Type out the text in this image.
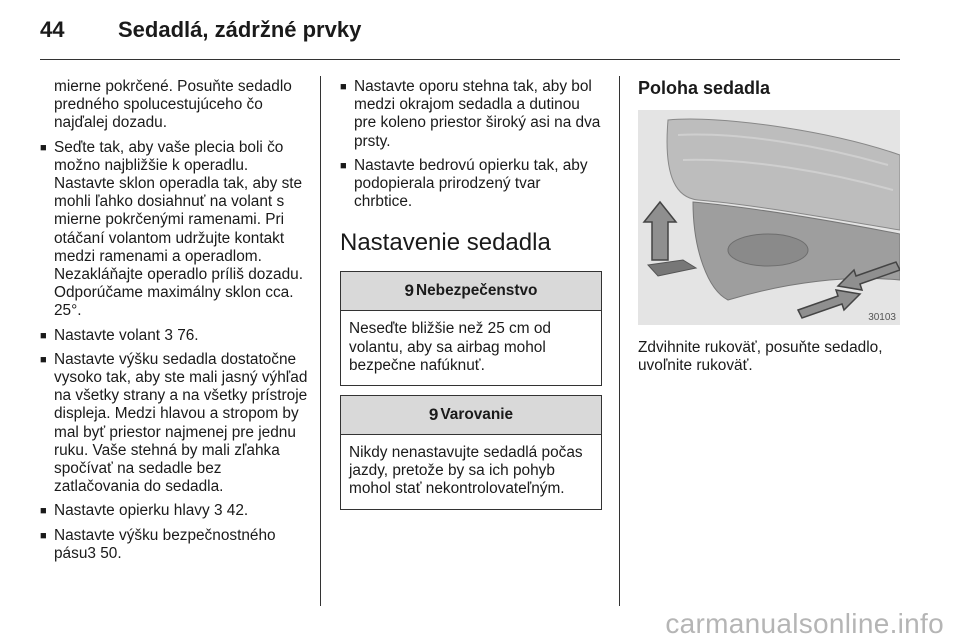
44 Sedadlá, zádržné prvky
mierne pokrčené. Posuňte sedadlo predného spolucestujúceho čo najďalej dozadu.
■ Seďte tak, aby vaše plecia boli čo možno najbližšie k operadlu. Nastavte sklon operadla tak, aby ste mohli ľahko dosiahnuť na volant s mierne pokrčenými ramenami. Pri otáčaní volantom udržujte kontakt medzi ramenami a operadlom. Nezakláňajte operadlo príliš dozadu. Odporúčame maximálny sklon cca. 25°.
■ Nastavte volant 3 76.
■ Nastavte výšku sedadla dostatočne vysoko tak, aby ste mali jasný výhľad na všetky strany a na všetky prístroje displeja. Medzi hlavou a stropom by mal byť priestor najmenej pre jednu ruku. Vaše stehná by mali zľahka spočívať na sedadle bez zatlačovania do sedadla.
■ Nastavte opierku hlavy 3 42.
■ Nastavte výšku bezpečnostného pásu3 50.
■ Nastavte oporu stehna tak, aby bol medzi okrajom sedadla a dutinou pre koleno priestor široký asi na dva prsty.
■ Nastavte bedrovú opierku tak, aby podopierala prirodzený tvar chrbtice.
Nastavenie sedadla
9 Nebezpečenstvo
Neseďte bližšie než 25 cm od volantu, aby sa airbag mohol bezpečne nafúknuť.
9 Varovanie
Nikdy nenastavujte sedadlá počas jazdy, pretože by sa ich pohyb mohol stať nekontrolovateľným.
Poloha sedadla
30103
Zdvihnite rukoväť, posuňte sedadlo, uvoľnite rukoväť.
carmanualsonline.info
